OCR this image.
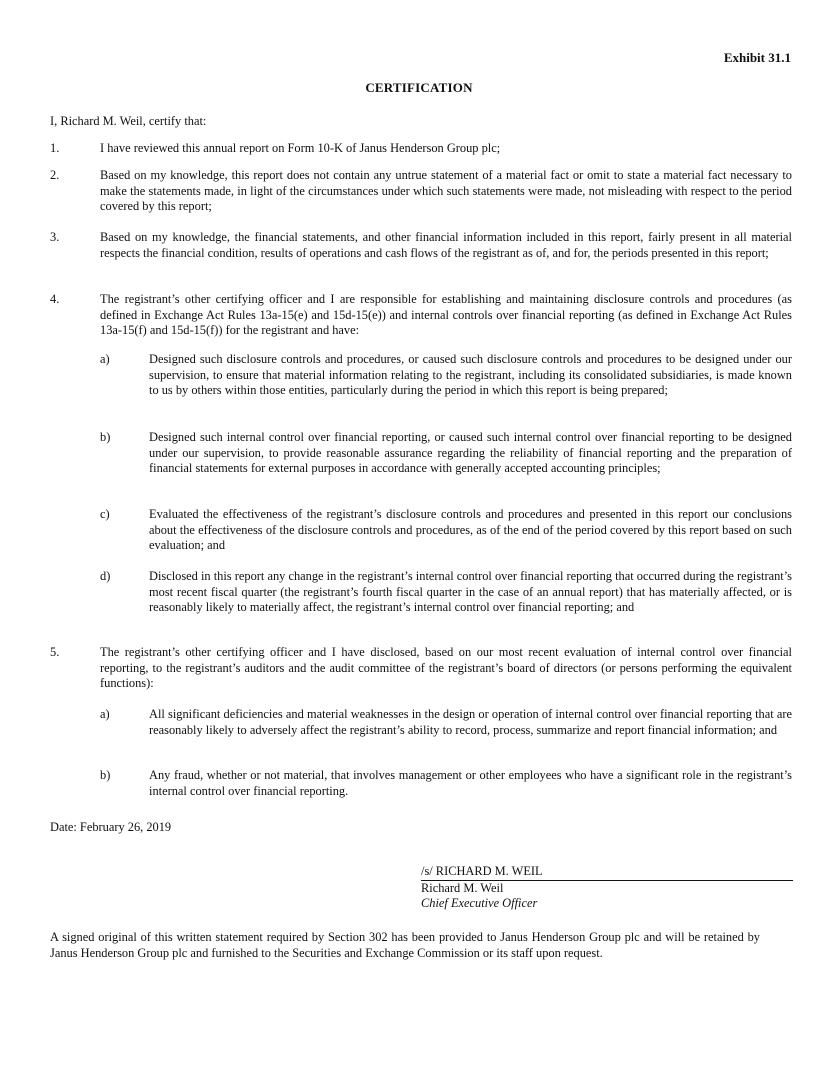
Exhibit 31.1
CERTIFICATION
I, Richard M. Weil, certify that:
1.	I have reviewed this annual report on Form 10-K of Janus Henderson Group plc;
2.	Based on my knowledge, this report does not contain any untrue statement of a material fact or omit to state a material fact necessary to make the statements made, in light of the circumstances under which such statements were made, not misleading with respect to the period covered by this report;
3.	Based on my knowledge, the financial statements, and other financial information included in this report, fairly present in all material respects the financial condition, results of operations and cash flows of the registrant as of, and for, the periods presented in this report;
4.	The registrant’s other certifying officer and I are responsible for establishing and maintaining disclosure controls and procedures (as defined in Exchange Act Rules 13a-15(e) and 15d-15(e)) and internal controls over financial reporting (as defined in Exchange Act Rules 13a-15(f) and 15d-15(f)) for the registrant and have:
a)	Designed such disclosure controls and procedures, or caused such disclosure controls and procedures to be designed under our supervision, to ensure that material information relating to the registrant, including its consolidated subsidiaries, is made known to us by others within those entities, particularly during the period in which this report is being prepared;
b)	Designed such internal control over financial reporting, or caused such internal control over financial reporting to be designed under our supervision, to provide reasonable assurance regarding the reliability of financial reporting and the preparation of financial statements for external purposes in accordance with generally accepted accounting principles;
c)	Evaluated the effectiveness of the registrant’s disclosure controls and procedures and presented in this report our conclusions about the effectiveness of the disclosure controls and procedures, as of the end of the period covered by this report based on such evaluation; and
d)	Disclosed in this report any change in the registrant’s internal control over financial reporting that occurred during the registrant’s most recent fiscal quarter (the registrant’s fourth fiscal quarter in the case of an annual report) that has materially affected, or is reasonably likely to materially affect, the registrant’s internal control over financial reporting; and
5.	The registrant’s other certifying officer and I have disclosed, based on our most recent evaluation of internal control over financial reporting, to the registrant’s auditors and the audit committee of the registrant’s board of directors (or persons performing the equivalent functions):
a)	All significant deficiencies and material weaknesses in the design or operation of internal control over financial reporting that are reasonably likely to adversely affect the registrant’s ability to record, process, summarize and report financial information; and
b)	Any fraud, whether or not material, that involves management or other employees who have a significant role in the registrant’s internal control over financial reporting.
Date: February 26, 2019
/s/ RICHARD M. WEIL
Richard M. Weil
Chief Executive Officer
A signed original of this written statement required by Section 302 has been provided to Janus Henderson Group plc and will be retained by Janus Henderson Group plc and furnished to the Securities and Exchange Commission or its staff upon request.
